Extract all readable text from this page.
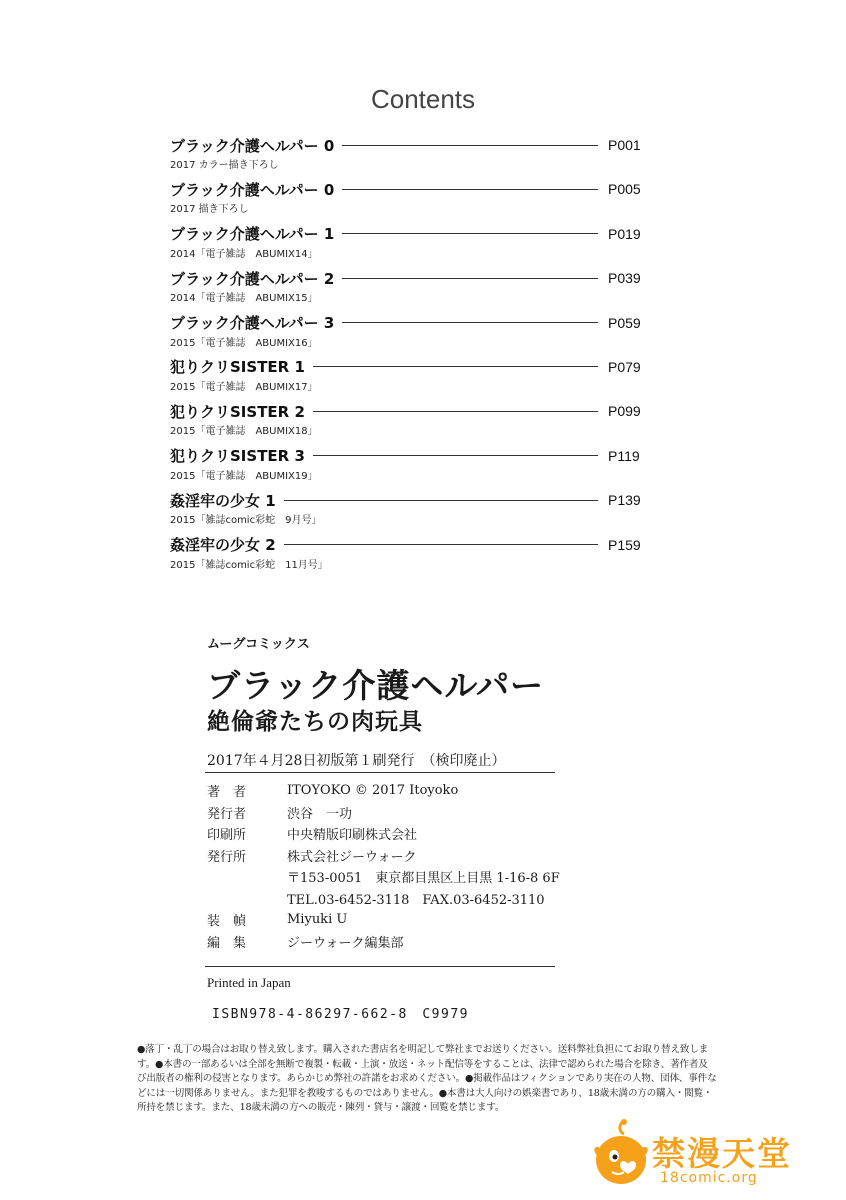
Contents
ブラック介護ヘルパー 0	P001
2017 カラー描き下ろし
ブラック介護ヘルパー 0	P005
2017 描き下ろし
ブラック介護ヘルパー 1	P019
2014「電子雑誌　ABUMIX14」
ブラック介護ヘルパー 2	P039
2014「電子雑誌　ABUMIX15」
ブラック介護ヘルパー 3	P059
2015「電子雑誌　ABUMIX16」
犯りクリSISTER 1	P079
2015「電子雑誌　ABUMIX17」
犯りクリSISTER 2	P099
2015「電子雑誌　ABUMIX18」
犯りクリSISTER 3	P119
2015「電子雑誌　ABUMIX19」
姦淫牢の少女 1	P139
2015「雑誌comic彩蛇　9月号」
姦淫牢の少女 2	P159
2015「雑誌comic彩蛇　11月号」
ムーグコミックス
ブラック介護ヘルパー
絶倫爺たちの肉玩具
2017年４月28日初版第１刷発行　（検印廃止）
著　者	ITOYOKO © 2017 Itoyoko
発行者	渋谷　一功
印刷所	中央精版印刷株式会社
発行所	株式会社ジーウォーク
〒153-0051　東京都目黒区上目黒 1-16-8 6F
TEL.03-6452-3118　FAX.03-6452-3110
装　幀	Miyuki U
編　集	ジーウォーク編集部
Printed in Japan
ISBN978-4-86297-662-8　C9979
●落丁・乱丁の場合はお取り替え致します。購入された書店名を明記して弊社までお送りください。送料弊社負担にてお取り替え致します。●本書の一部あるいは全部を無断で複製・転載・上演・放送・ネット配信等をすることは、法律で認められた場合を除き、著作者及び出版者の権利の侵害となります。あらかじめ弊社の許諾をお求めください。●掲載作品はフィクションであり実在の人物、団体、事件などには一切関係ありません。また犯罪を教唆するものではありません。●本書は大人向けの娯楽書であり、18歳未満の方の購入・閲覧・所持を禁じます。また、18歳未満の方への販売・陳列・貸与・譲渡・回覧を禁じます。
禁漫天堂
18comic.org
